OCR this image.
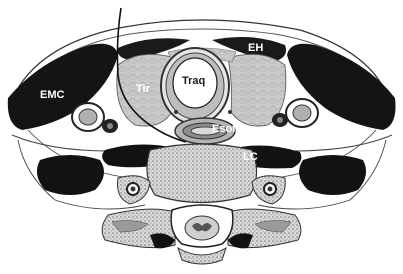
EMC
EH
Tir
Traq
Esof
LC
